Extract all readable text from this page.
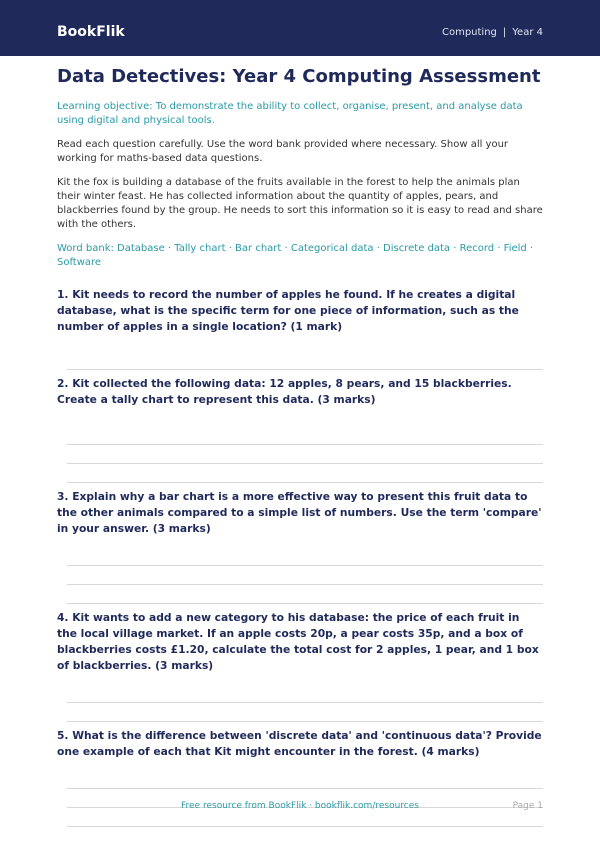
BookFlik	Computing | Year 4
Data Detectives: Year 4 Computing Assessment
Learning objective: To demonstrate the ability to collect, organise, present, and analyse data using digital and physical tools.
Read each question carefully. Use the word bank provided where necessary. Show all your working for maths-based data questions.
Kit the fox is building a database of the fruits available in the forest to help the animals plan their winter feast. He has collected information about the quantity of apples, pears, and blackberries found by the group. He needs to sort this information so it is easy to read and share with the others.
Word bank: Database · Tally chart · Bar chart · Categorical data · Discrete data · Record · Field · Software
1. Kit needs to record the number of apples he found. If he creates a digital database, what is the specific term for one piece of information, such as the number of apples in a single location? (1 mark)
2. Kit collected the following data: 12 apples, 8 pears, and 15 blackberries. Create a tally chart to represent this data. (3 marks)
3. Explain why a bar chart is a more effective way to present this fruit data to the other animals compared to a simple list of numbers. Use the term 'compare' in your answer. (3 marks)
4. Kit wants to add a new category to his database: the price of each fruit in the local village market. If an apple costs 20p, a pear costs 35p, and a box of blackberries costs £1.20, calculate the total cost for 2 apples, 1 pear, and 1 box of blackberries. (3 marks)
5. What is the difference between 'discrete data' and 'continuous data'? Provide one example of each that Kit might encounter in the forest. (4 marks)
Free resource from BookFlik · bookflik.com/resources	Page 1
